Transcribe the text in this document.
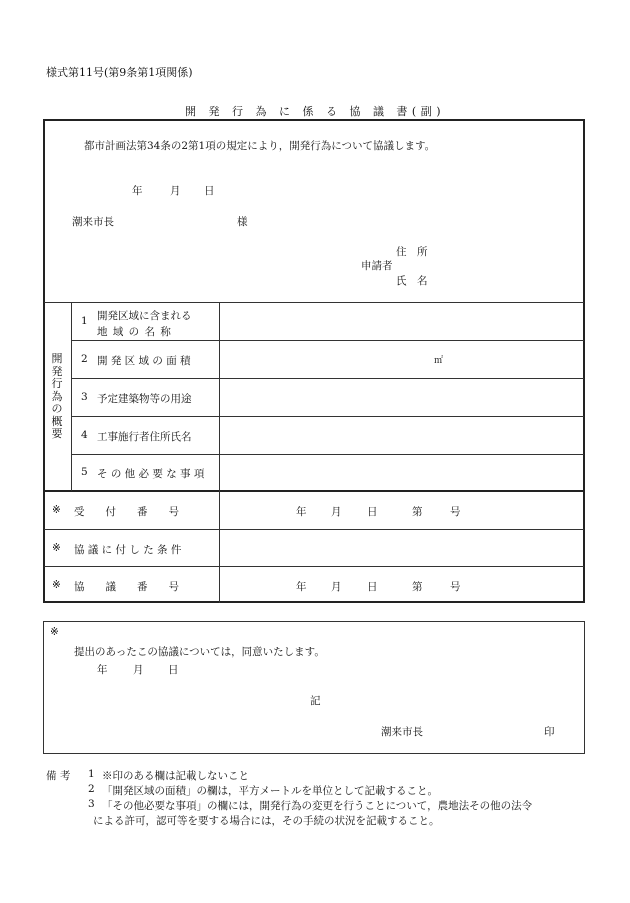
様式第11号(第9条第1項関係)
開 発 行 為 に 係 る 協 議 書(副)
都市計画法第34条の2第1項の規定により，開発行為について協議します。
年	月 日
潮来市長	様
住　所
申請者
氏　名
開
発
行
為
の
概
要
1 開発区域に含まれる
地 域 の 名 称
2 開 発 区 域 の 面 積	㎡
3 予定建築物等の用途
4 工事施行者住所氏名
5 そ の 他 必 要 な 事 項
※ 受　　付　　番　　号	年 月 日	第	号
※ 協 議 に 付 し た 条 件
※ 協　　議　　番　　号	年 月 日	第	号
※
提出のあったこの協議については，同意いたします。
年 月 日
記
潮来市長	印
備 考 1 ※印のある欄は記載しないこと
2 「開発区域の面積」の欄は，平方メートルを単位として記載すること。
3 「その他必要な事項」の欄には，開発行為の変更を行うことについて，農地法その他の法令
による許可，認可等を要する場合には，その手続の状況を記載すること。
